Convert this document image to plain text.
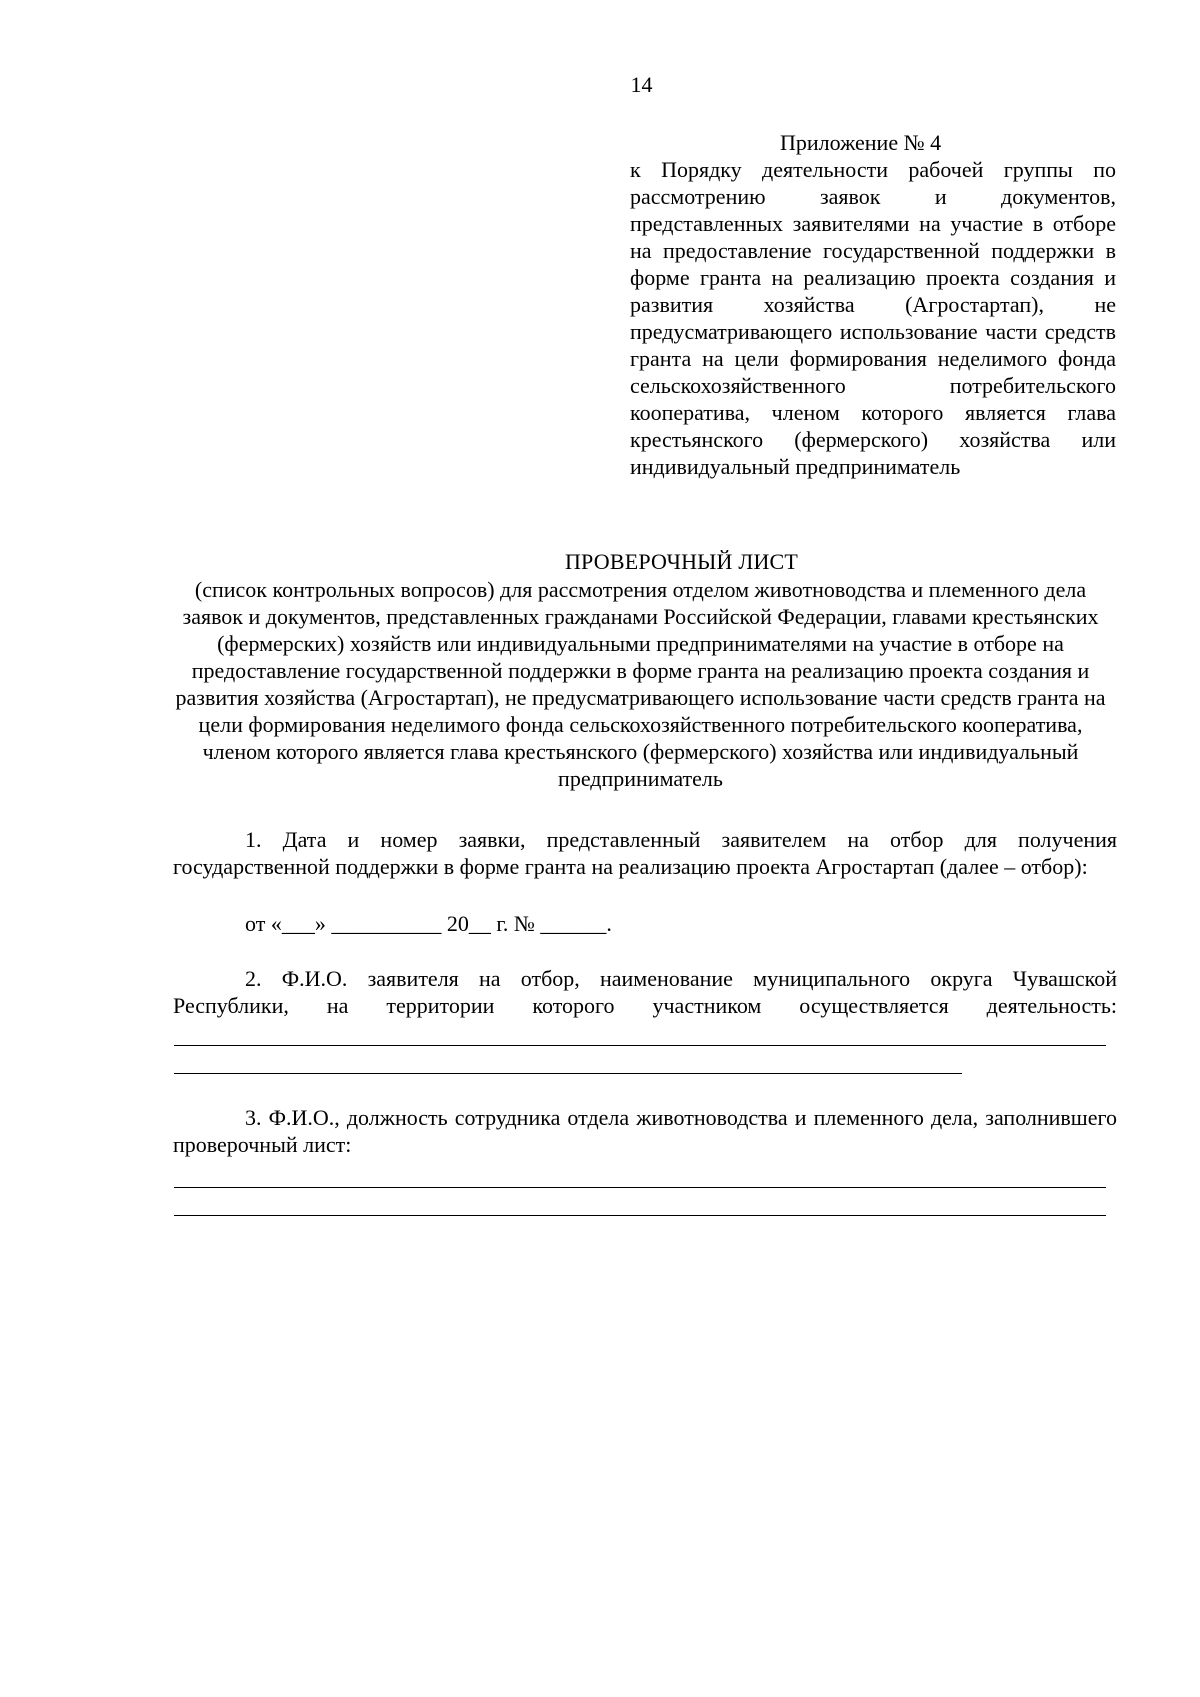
14
Приложение № 4
к Порядку деятельности рабочей группы по рассмотрению заявок и документов, представленных заявителями на участие в отборе на предоставление государственной поддержки в форме гранта на реализацию проекта создания и развития хозяйства (Агростартап), не предусматривающего использование части средств гранта на цели формирования неделимого фонда сельскохозяйственного потребительского кооператива, членом которого является глава крестьянского (фермерского) хозяйства или индивидуальный предприниматель
ПРОВЕРОЧНЫЙ ЛИСТ
(список контрольных вопросов) для рассмотрения отделом животноводства и племенного дела заявок и документов, представленных гражданами Российской Федерации, главами крестьянских (фермерских) хозяйств или индивидуальными предпринимателями на участие в отборе на предоставление государственной поддержки в форме гранта на реализацию проекта создания и развития хозяйства (Агростартап), не предусматривающего использование части средств гранта на цели формирования неделимого фонда сельскохозяйственного потребительского кооператива, членом которого является глава крестьянского (фермерского) хозяйства или индивидуальный предприниматель

1. Дата и номер заявки, представленный заявителем на отбор для получения государственной поддержки в форме гранта на реализацию проекта Агростартап (далее – отбор):

от «___» __________ 20__ г. № ______.

2. Ф.И.О. заявителя на отбор, наименование муниципального округа Чувашской Республики, на территории которого участником осуществляется деятельность:

3. Ф.И.О., должность сотрудника отдела животноводства и племенного дела, заполнившего проверочный лист:
